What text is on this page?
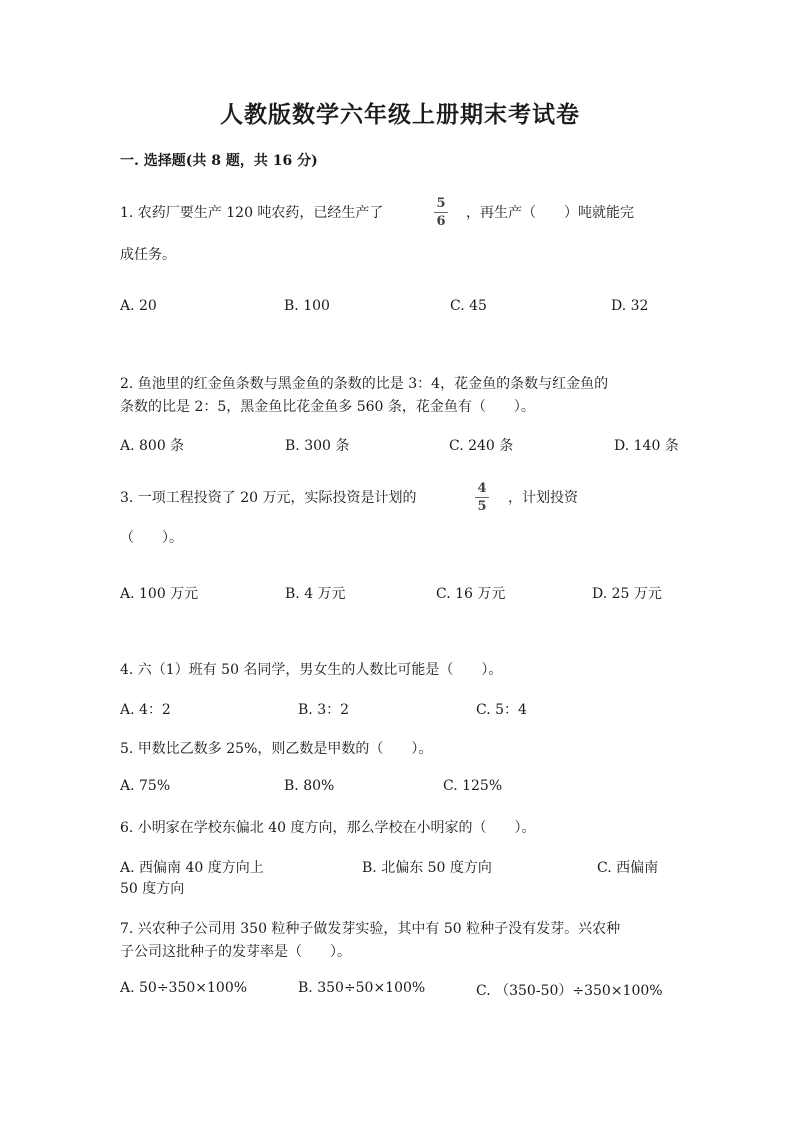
人教版数学六年级上册期末考试卷
一. 选择题(共 8 题，共 16 分)
1. 农药厂要生产 120 吨农药，已经生产了
5
6
，再生产（　　）吨就能完
成任务。
A. 20	B. 100	C. 45	D. 32
2. 鱼池里的红金鱼条数与黑金鱼的条数的比是 3：4，花金鱼的条数与红金鱼的
条数的比是 2：5，黑金鱼比花金鱼多 560 条，花金鱼有（　　）。
A. 800 条	B. 300 条	C. 240 条	D. 140 条
3. 一项工程投资了 20 万元，实际投资是计划的
4
5
，计划投资
（　　）。
A. 100 万元	B. 4 万元	C. 16 万元	D. 25 万元
4. 六（1）班有 50 名同学，男女生的人数比可能是（　　）。
A. 4：2	B. 3：2	C. 5：4
5. 甲数比乙数多 25%，则乙数是甲数的（　　）。
A. 75%	B. 80%	C. 125%
6. 小明家在学校东偏北 40 度方向，那么学校在小明家的（　　）。
A. 西偏南 40 度方向上	B. 北偏东 50 度方向	C. 西偏南
50 度方向
7. 兴农种子公司用 350 粒种子做发芽实验，其中有 50 粒种子没有发芽。兴农种
子公司这批种子的发芽率是（　　）。
A. 50÷350×100%	B. 350÷50×100%	C. （350-50）÷350×100%
